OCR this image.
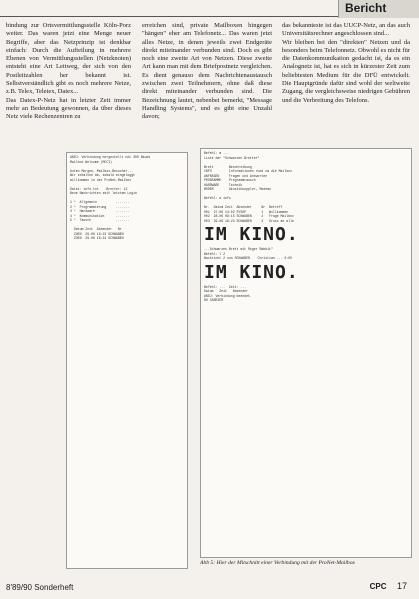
Bericht

bindung zur Ortsvermittlungsstelle Köln-Porz weiter. Das waren jetzt eine Menge neuer Begriffe, aber das Netzprinzip ist denkbar einfach: Durch die Aufteilung in mehrere Ebenen von Vermittlungsstellen (Netzknoten) entsteht eine Art Leitweg, der sich von den Postleitzahlen her bekannt ist. Selbstverständlich gibt es noch mehrere Netze, z.B. Telex, Teletex, Datex...

Das Datex-P-Netz hat in letzter Zeit immer mehr an Bedeutung gewonnen, da über dieses Netz viele Rechenzentren zu

erreichen sind, private Mailboxen hingegen "hängen" eher am Telefonetz... Das waren jetzt alles Netze, in denen jeweils zwei Endgeräte direkt miteinander verbunden sind. Doch es gibt noch eine zweite Art von Netzen. Diese zweite Art kann man mit dem Briefpostnetz vergleichen. Es dient genauso dem Nachrichtenaustausch zwischen zwei Teilnehmern, ohne daß diese direkt miteinander verbunden sind. Die Bezeichnung lautet, nebenbei bemerkt, "Message Handling Systems", und es gibt eine Unzahl davon;

das bekannteste ist das UUCP-Netz, an das auch Universitätsrechner angeschlossen sind...

Wir bleiben bei den "direkten" Netzen und da besonders beim Telefonnetz. Obwohl es nicht für die Datenkommunikation gedacht ist, da es ein Analognetz ist, hat es sich in kürzester Zeit zum beliebtesten Medium für die DFÜ entwickelt. Die Hauptgründe dafür sind wohl der weltweite Zugang, die vergleichsweise niedrigen Gebühren und die Verbreitung des Telefons.

ANDJ: Verbindung hergestellt mit 300 Bauds
Mailbox Welcome (MCCI)

Guten Morgen, Mailbox-Besucher...
Wir schalten ab, sobald eingeloggt
willkommen in der ProNet-Mailbox

Datei: info.txt    Bretter: 12
Neue Nachrichten seit letztem Login

1 *  Allgemein          .......
2 *  Programmierung     .......
3 *  Hardware           .......
4 *  Kommunikation      .......
5 *  Tausch             .......

Datum Zeit  Absender   Nr
ZUEN  29-06 16:23 SCHWABEN
ZUEN  29-06 16:24 SCHWABEN
Befehl: m ...
Liste der "Schwarzen Bretter"

Brett        Beschreibung
INFO         Informationen rund um die Mailbox
ANFRAGEN     Fragen und Antworten
PROGRAMME    Programmtausch
HARDWARE     Technik
MODEM        Akustikkoppler, Modems

Befehl: a info

Nr.  Datum Zeit  Absender     Nr  Betreff
001  27-06 14:02 SYSOP        1   Willkommen
002  28-06 09:15 SCHWABEN     2   Frage Mailbox
003  29-06 16:23 SCHWABEN     3   Gruss an alle
IM KINO.
...Schwarzes Brett mit Roger Rabbit"
Befehl: l 2
Nachricht 2 von SCHWABEN    Christian ... 0:05
IM KINO.
Befehl: ...  Zeit: ...
Datum   Zeit   Absender
ANDJ: Verbindung beendet.
NO CARRIER
Abb 5: Hier der Mitschnitt einer Verbindung mit der ProNet-Mailbox
8'89/90 Sonderheft	CPC 17
